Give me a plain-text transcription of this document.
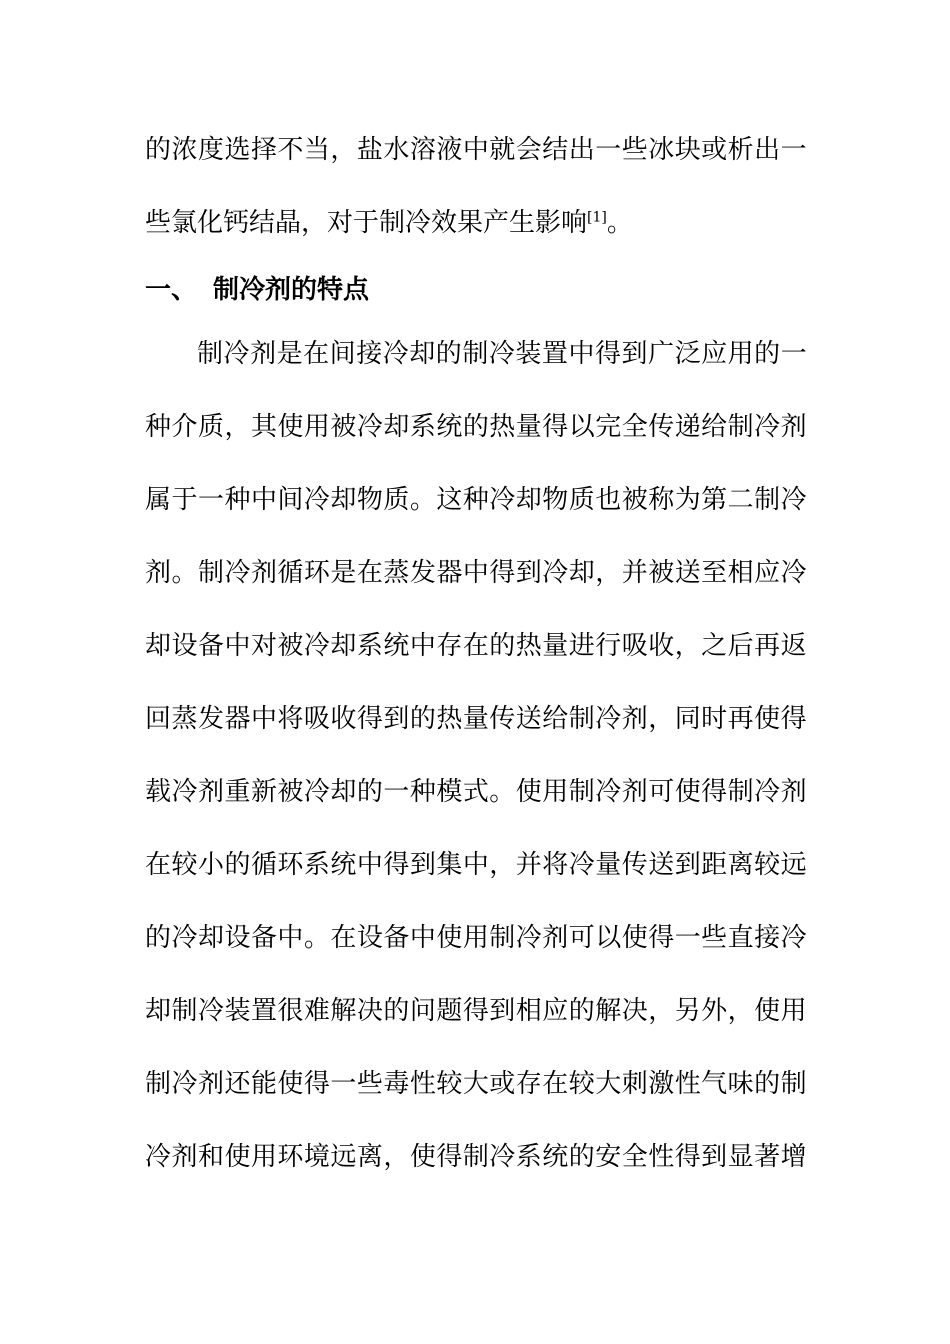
的 浓 度 选 择 不 当 ， 盐 水 溶 液 中 就 会 结 出 一 些 冰 块 或 析 出 一
些氯化钙结晶，对于制冷效果产生影响[1]。
一、 制冷剂的特点
制 冷 剂 是 在 间 接 冷 却 的 制 冷 装 置 中 得 到 广 泛 应 用 的 一
种 介 质 ， 其 使 用 被 冷 却 系 统 的 热 量 得 以 完 全 传 递 给 制 冷 剂
属 于 一 种 中 间 冷 却 物 质 。 这 种 冷 却 物 质 也 被 称 为 第 二 制 冷
剂 。 制 冷 剂 循 环 是 在 蒸 发 器 中 得 到 冷 却 ， 并 被 送 至 相 应 冷
却 设 备 中 对 被 冷 却 系 统 中 存 在 的 热 量 进 行 吸 收 ， 之 后 再 返
回 蒸 发 器 中 将 吸 收 得 到 的 热 量 传 送 给 制 冷 剂 ， 同 时 再 使 得
载 冷 剂 重 新 被 冷 却 的 一 种 模 式 。 使 用 制 冷 剂 可 使 得 制 冷 剂
在 较 小 的 循 环 系 统 中 得 到 集 中 ， 并 将 冷 量 传 送 到 距 离 较 远
的 冷 却 设 备 中 。 在 设 备 中 使 用 制 冷 剂 可 以 使 得 一 些 直 接 冷
却 制 冷 装 置 很 难 解 决 的 问 题 得 到 相 应 的 解 决 ， 另 外 ， 使 用
制 冷 剂 还 能 使 得 一 些 毒 性 较 大 或 存 在 较 大 刺 激 性 气 味 的 制
冷 剂 和 使 用 环 境 远 离 ， 使 得 制 冷 系 统 的 安 全 性 得 到 显 著 增
